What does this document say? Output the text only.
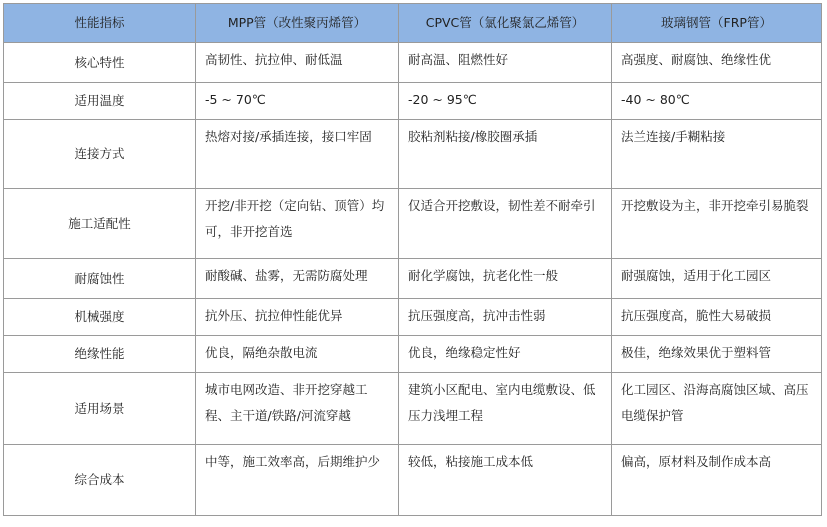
性能指标	MPP管（改性聚丙烯管）	CPVC管（氯化聚氯乙烯管）	玻璃钢管（FRP管）
核心特性	高韧性、抗拉伸、耐低温	耐高温、阻燃性好	高强度、耐腐蚀、绝缘性优
适用温度	-5 ~ 70℃	-20 ~ 95℃	-40 ~ 80℃
连接方式	热熔对接/承插连接，接口牢固	胶粘剂粘接/橡胶圈承插	法兰连接/手糊粘接
施工适配性	开挖/非开挖（定向钻、顶管）均可，非开挖首选	仅适合开挖敷设，韧性差不耐牵引	开挖敷设为主，非开挖牵引易脆裂
耐腐蚀性	耐酸碱、盐雾，无需防腐处理	耐化学腐蚀，抗老化性一般	耐强腐蚀，适用于化工园区
机械强度	抗外压、抗拉伸性能优异	抗压强度高，抗冲击性弱	抗压强度高，脆性大易破损
绝缘性能	优良，隔绝杂散电流	优良，绝缘稳定性好	极佳，绝缘效果优于塑料管
适用场景	城市电网改造、非开挖穿越工程、主干道/铁路/河流穿越	建筑小区配电、室内电缆敷设、低压力浅埋工程	化工园区、沿海高腐蚀区域、高压电缆保护管
综合成本	中等，施工效率高，后期维护少	较低，粘接施工成本低	偏高，原材料及制作成本高
